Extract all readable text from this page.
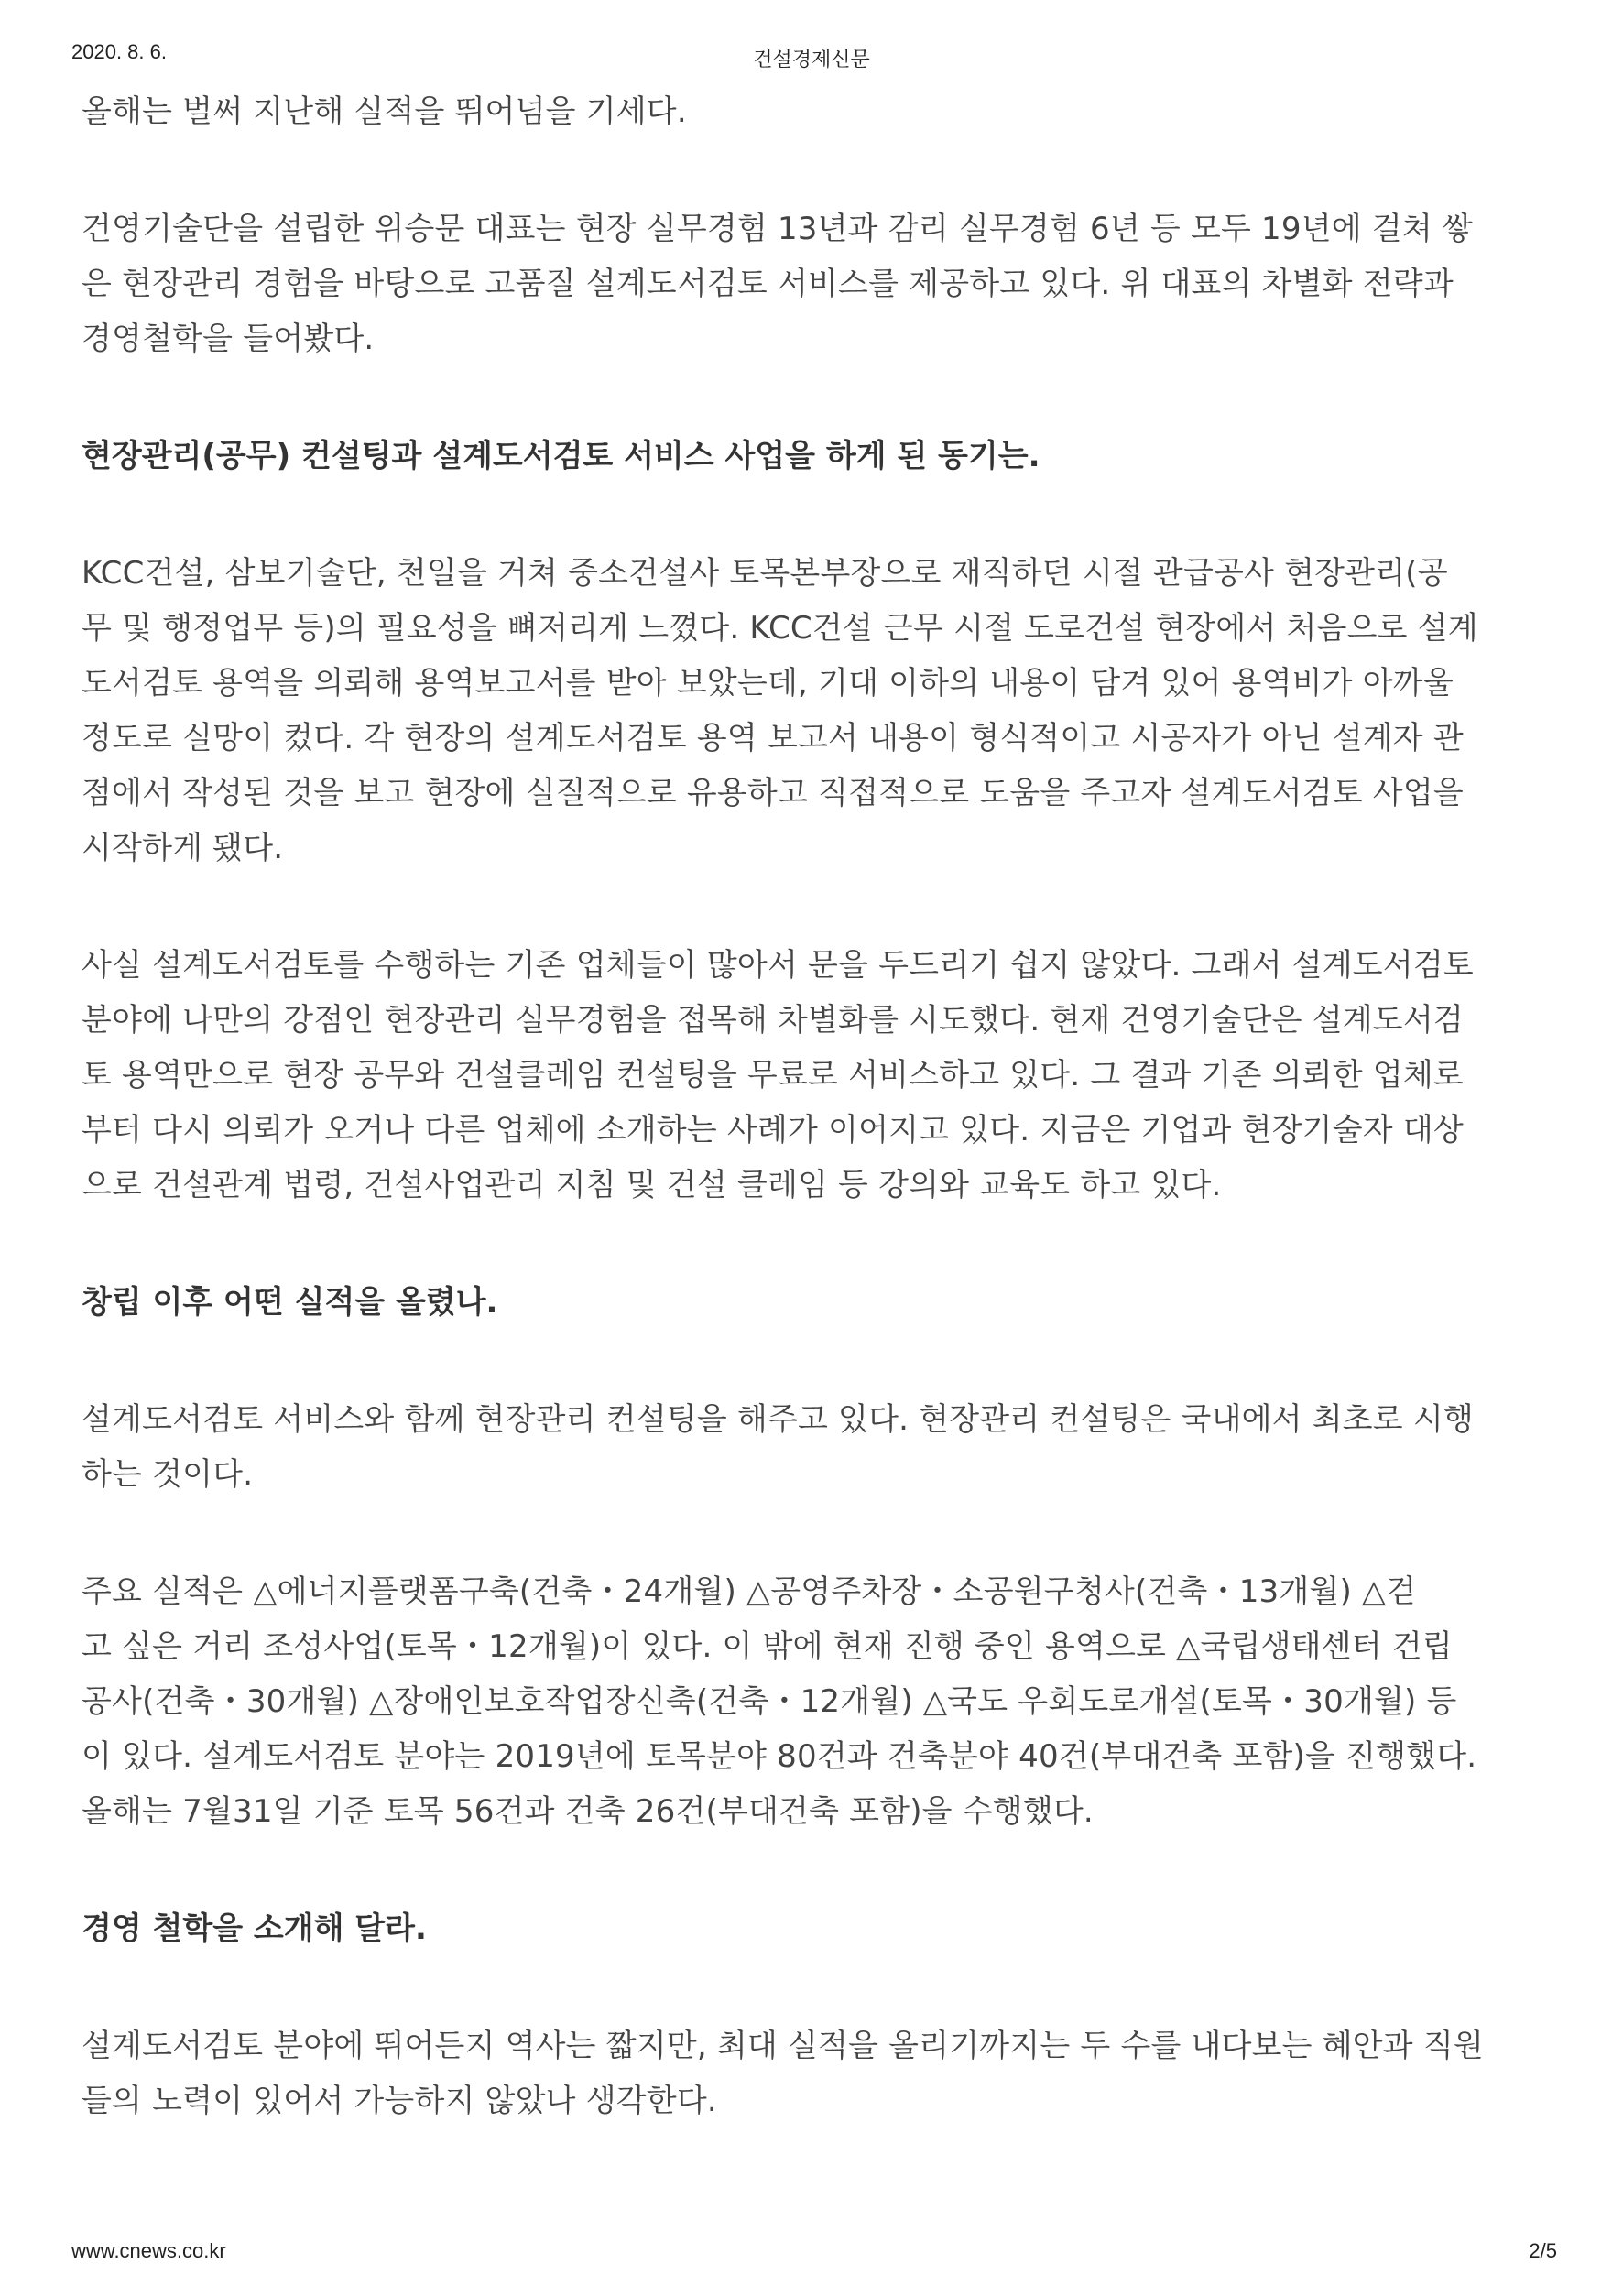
2020. 8. 6.	건설경제신문

올해는 벌써 지난해 실적을 뛰어넘을 기세다.

건영기술단을 설립한 위승문 대표는 현장 실무경험 13년과 감리 실무경험 6년 등 모두 19년에 걸쳐 쌓
은 현장관리 경험을 바탕으로 고품질 설계도서검토 서비스를 제공하고 있다. 위 대표의 차별화 전략과
경영철학을 들어봤다.

현장관리(공무) 컨설팅과 설계도서검토 서비스 사업을 하게 된 동기는.

KCC건설, 삼보기술단, 천일을 거쳐 중소건설사 토목본부장으로 재직하던 시절 관급공사 현장관리(공
무 및 행정업무 등)의 필요성을 뼈저리게 느꼈다. KCC건설 근무 시절 도로건설 현장에서 처음으로 설계
도서검토 용역을 의뢰해 용역보고서를 받아 보았는데, 기대 이하의 내용이 담겨 있어 용역비가 아까울
정도로 실망이 컸다. 각 현장의 설계도서검토 용역 보고서 내용이 형식적이고 시공자가 아닌 설계자 관
점에서 작성된 것을 보고 현장에 실질적으로 유용하고 직접적으로 도움을 주고자 설계도서검토 사업을
시작하게 됐다.

사실 설계도서검토를 수행하는 기존 업체들이 많아서 문을 두드리기 쉽지 않았다. 그래서 설계도서검토
분야에 나만의 강점인 현장관리 실무경험을 접목해 차별화를 시도했다. 현재 건영기술단은 설계도서검
토 용역만으로 현장 공무와 건설클레임 컨설팅을 무료로 서비스하고 있다. 그 결과 기존 의뢰한 업체로
부터 다시 의뢰가 오거나 다른 업체에 소개하는 사례가 이어지고 있다. 지금은 기업과 현장기술자 대상
으로 건설관계 법령, 건설사업관리 지침 및 건설 클레임 등 강의와 교육도 하고 있다.

창립 이후 어떤 실적을 올렸나.

설계도서검토 서비스와 함께 현장관리 컨설팅을 해주고 있다. 현장관리 컨설팅은 국내에서 최초로 시행
하는 것이다.

주요 실적은 △에너지플랫폼구축(건축・24개월) △공영주차장・소공원구청사(건축・13개월) △걷
고 싶은 거리 조성사업(토목・12개월)이 있다. 이 밖에 현재 진행 중인 용역으로 △국립생태센터 건립
공사(건축・30개월) △장애인보호작업장신축(건축・12개월) △국도 우회도로개설(토목・30개월) 등
이 있다. 설계도서검토 분야는 2019년에 토목분야 80건과 건축분야 40건(부대건축 포함)을 진행했다.
올해는 7월31일 기준 토목 56건과 건축 26건(부대건축 포함)을 수행했다.

경영 철학을 소개해 달라.

설계도서검토 분야에 뛰어든지 역사는 짧지만, 최대 실적을 올리기까지는 두 수를 내다보는 혜안과 직원
들의 노력이 있어서 가능하지 않았나 생각한다.

www.cnews.co.kr	2/5
